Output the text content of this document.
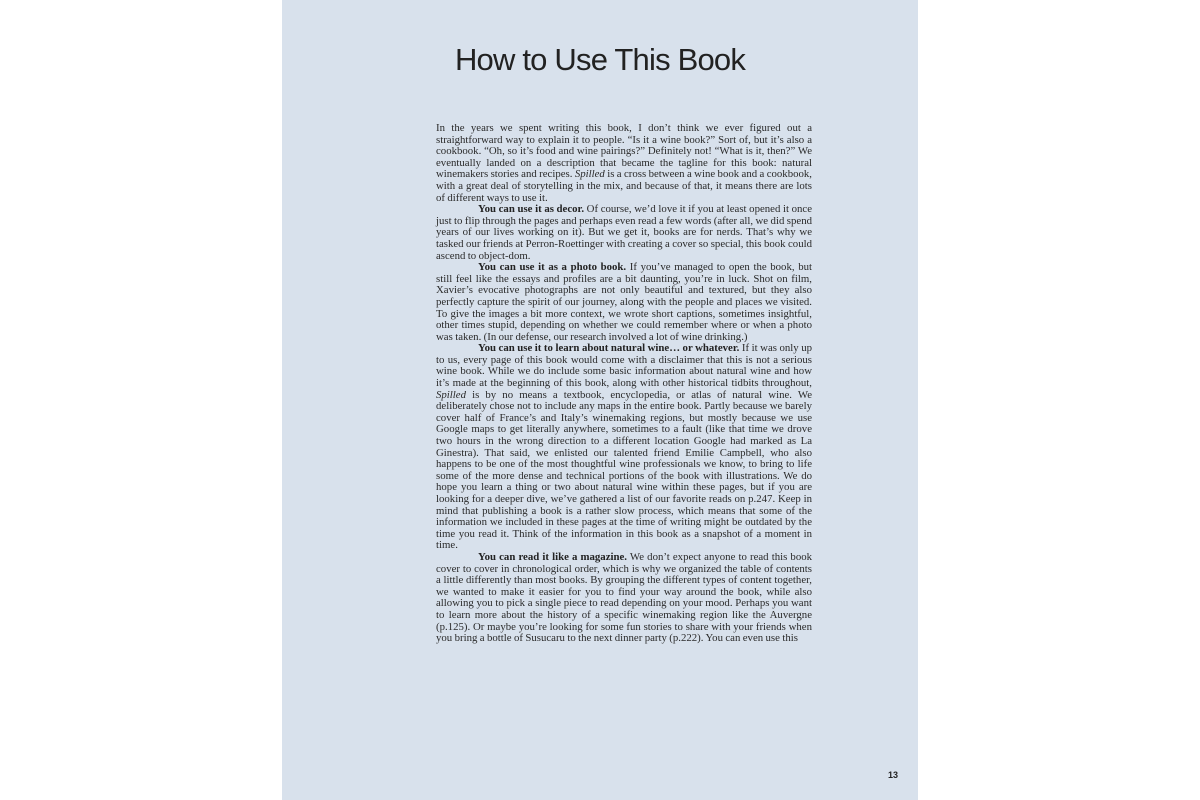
How to Use This Book

In the years we spent writing this book, I don’t think we ever figured out a straightforward way to explain it to people. “Is it a wine book?” Sort of, but it’s also a cookbook. “Oh, so it’s food and wine pairings?” Definitely not! “What is it, then?” We eventually landed on a description that became the tagline for this book: natural winemakers stories and recipes. Spilled is a cross between a wine book and a cookbook, with a great deal of storytelling in the mix, and because of that, it means there are lots of different ways to use it.

You can use it as decor. Of course, we’d love it if you at least opened it once just to flip through the pages and perhaps even read a few words (after all, we did spend years of our lives working on it). But we get it, books are for nerds. That’s why we tasked our friends at Perron-Roettinger with creating a cover so special, this book could ascend to object-dom.

You can use it as a photo book. If you’ve managed to open the book, but still feel like the essays and profiles are a bit daunting, you’re in luck. Shot on film, Xavier’s evocative photographs are not only beautiful and textured, but they also perfectly capture the spirit of our journey, along with the people and places we visited. To give the images a bit more context, we wrote short captions, sometimes insightful, other times stupid, depending on whether we could remember where or when a photo was taken. (In our defense, our research involved a lot of wine drinking.)

You can use it to learn about natural wine… or whatever. If it was only up to us, every page of this book would come with a disclaimer that this is not a serious wine book. While we do include some basic information about natural wine and how it’s made at the beginning of this book, along with other historical tidbits throughout, Spilled is by no means a textbook, encyclopedia, or atlas of natural wine. We deliberately chose not to include any maps in the entire book. Partly because we barely cover half of France’s and Italy’s winemaking regions, but mostly because we use Google maps to get literally anywhere, sometimes to a fault (like that time we drove two hours in the wrong direction to a different location Google had marked as La Ginestra). That said, we enlisted our talented friend Emilie Campbell, who also happens to be one of the most thoughtful wine professionals we know, to bring to life some of the more dense and technical portions of the book with illustrations. We do hope you learn a thing or two about natural wine within these pages, but if you are looking for a deeper dive, we’ve gathered a list of our favorite reads on p.247. Keep in mind that publishing a book is a rather slow process, which means that some of the information we included in these pages at the time of writing might be outdated by the time you read it. Think of the information in this book as a snapshot of a moment in time.

You can read it like a magazine. We don’t expect anyone to read this book cover to cover in chronological order, which is why we organized the table of contents a little differently than most books. By grouping the different types of content together, we wanted to make it easier for you to find your way around the book, while also allowing you to pick a single piece to read depending on your mood. Perhaps you want to learn more about the history of a specific winemaking region like the Auvergne (p.125). Or maybe you’re looking for some fun stories to share with your friends when you bring a bottle of Susucaru to the next dinner party (p.222). You can even use this

13
